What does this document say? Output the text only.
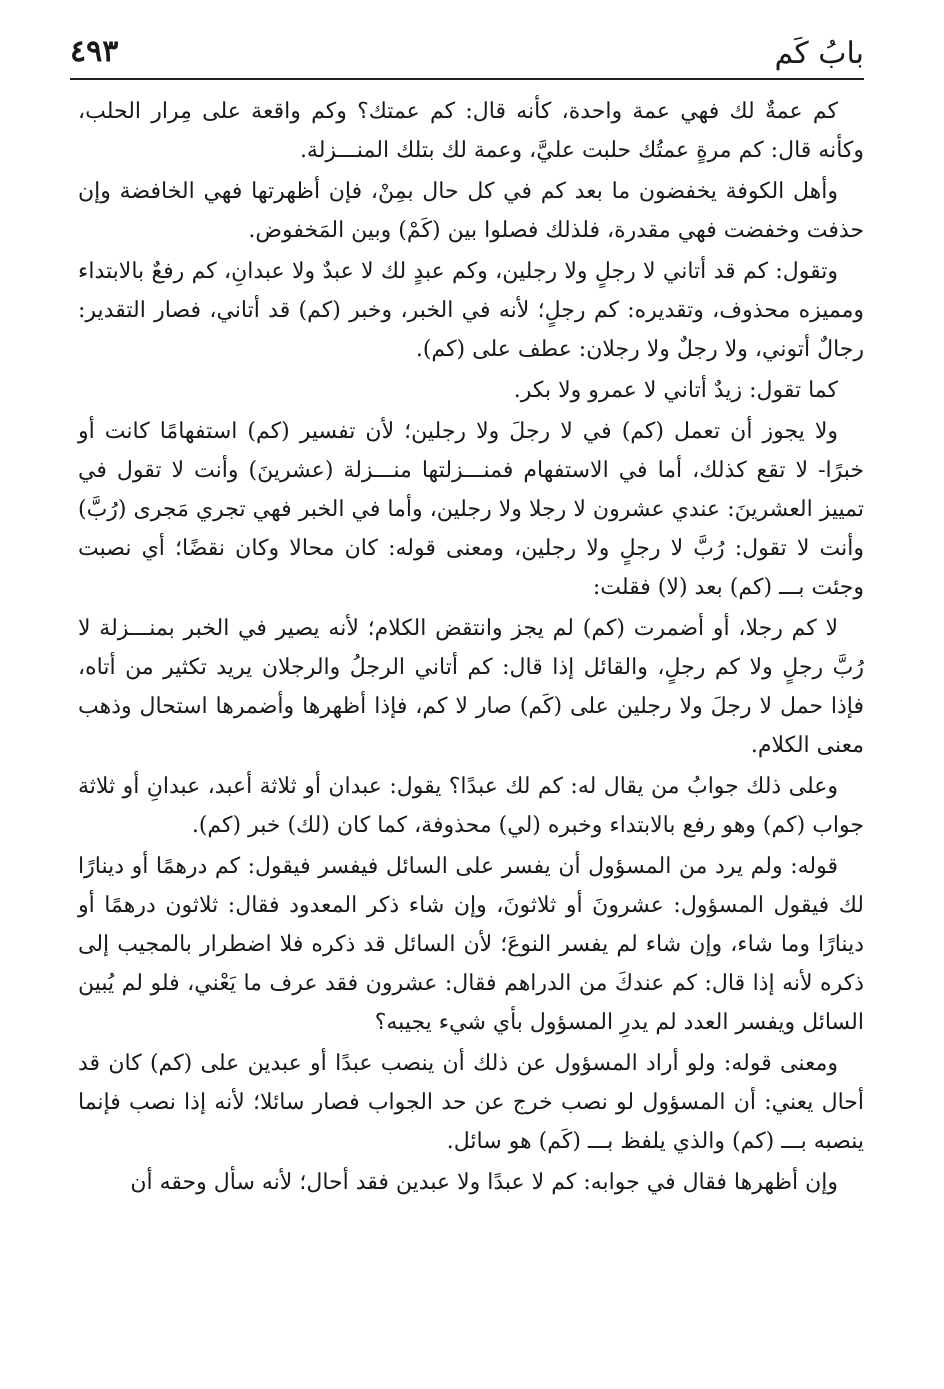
بابُ كَم
٤٩٣

كم عمةٌ لك فهي عمة واحدة، كأنه قال: كم عمتك؟ وكم واقعة على مِرار الحلب، وكأنه قال: كم مرةٍ عمتُك حلبت عليَّ، وعمة لك بتلك المنـــزلة.

وأهل الكوفة يخفضون ما بعد كم في كل حال بمِنْ، فإن أظهرتها فهي الخافضة وإن حذفت وخفضت فهي مقدرة، فلذلك فصلوا بين (كَمْ) وبين المَخفوض.

وتقول: كم قد أتاني لا رجلٍ ولا رجلين، وكم عبدٍ لك لا عبدٌ ولا عبدانِ، كم رفعٌ بالابتداء ومميزه محذوف، وتقديره: كم رجلٍ؛ لأنه في الخبر، وخبر (كم) قد أتاني، فصار التقدير: رجالٌ أتوني، ولا رجلٌ ولا رجلان: عطف على (كم).

كما تقول: زيدٌ أتاني لا عمرو ولا بكر.

ولا يجوز أن تعمل (كم) في لا رجلَ ولا رجلين؛ لأن تفسير (كم) استفهامًا كانت أو خبرًا- لا تقع كذلك، أما في الاستفهام فمنـــزلتها منـــزلة (عشرينَ) وأنت لا تقول في تمييز العشرينَ: عندي عشرون لا رجلا ولا رجلين، وأما في الخبر فهي تجري مَجرى (رُبَّ) وأنت لا تقول: رُبَّ لا رجلٍ ولا رجلين، ومعنى قوله: كان محالا وكان نقضًا؛ أي نصبت وجئت بـــ (كم) بعد (لا) فقلت:

لا كم رجلا، أو أضمرت (كم) لم يجز وانتقض الكلام؛ لأنه يصير في الخبر بمنـــزلة لا رُبَّ رجلٍ ولا كم رجلٍ، والقائل إذا قال: كم أتاني الرجلُ والرجلان يريد تكثير من أتاه، فإذا حمل لا رجلَ ولا رجلين على (كَم) صار لا كم، فإذا أظهرها وأضمرها استحال وذهب معنى الكلام.

وعلى ذلك جوابُ من يقال له: كم لك عبدًا؟ يقول: عبدان أو ثلاثة أعبد، عبدانِ أو ثلاثة جواب (كم) وهو رفع بالابتداء وخبره (لي) محذوفة، كما كان (لك) خبر (كم).

قوله: ولم يرد من المسؤول أن يفسر على السائل فيفسر فيقول: كم درهمًا أو دينارًا لك فيقول المسؤول: عشرونَ أو ثلاثونَ، وإن شاء ذكر المعدود فقال: ثلاثون درهمًا أو دينارًا وما شاء، وإن شاء لم يفسر النوعَ؛ لأن السائل قد ذكره فلا اضطرار بالمجيب إلى ذكره لأنه إذا قال: كم عندكَ من الدراهم فقال: عشرون فقد عرف ما يَعْني، فلو لم يُبين السائل ويفسر العدد لم يدرِ المسؤول بأي شيء يجيبه؟

ومعنى قوله: ولو أراد المسؤول عن ذلك أن ينصب عبدًا أو عبدين على (كم) كان قد أحال يعني: أن المسؤول لو نصب خرج عن حد الجواب فصار سائلا؛ لأنه إذا نصب فإنما ينصبه بـــ (كم) والذي يلفظ بـــ (كَم) هو سائل.

وإن أظهرها فقال في جوابه: كم لا عبدًا ولا عبدين فقد أحال؛ لأنه سأل وحقه أن
